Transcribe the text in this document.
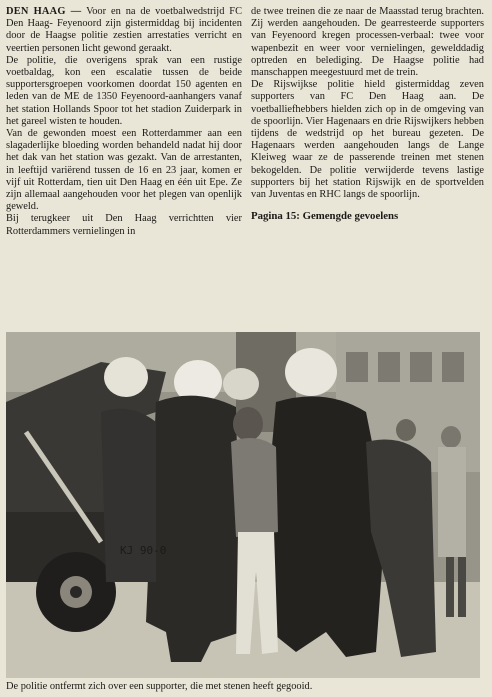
DEN HAAG — Voor en na de voetbalwedstrijd FC Den Haag- Feyenoord zijn gistermiddag bij incidenten door de Haagse politie zestien arrestaties verricht en veertien personen licht gewond geraakt.

De politie, die overigens sprak van een rustige voetbaldag, kon een escalatie tussen de beide supportersgroepen voorkomen doordat 150 agenten en leden van de ME de 1350 Feyenoord-aanhangers vanaf het station Hollands Spoor tot het stadion Zuiderpark in het gareel wisten te houden.

Van de gewonden moest een Rotterdammer aan een slagaderlijke bloeding worden behandeld nadat hij door het dak van het station was gezakt. Van de arrestanten, in leeftijd variërend tussen de 16 en 23 jaar, komen er vijf uit Rotterdam, tien uit Den Haag en één uit Epe. Ze zijn allemaal aangehouden voor het plegen van openlijk geweld.

Bij terugkeer uit Den Haag verrichtten vier Rotterdammers vernielingen in

de twee treinen die ze naar de Maasstad terug brachten. Zij werden aangehouden. De gearresteerde supporters van Feyenoord kregen processen-verbaal: twee voor wapenbezit en weer voor vernielingen, gewelddadig optreden en belediging. De Haagse politie had manschappen meegestuurd met de trein.

De Rijswijkse politie hield gistermiddag zeven supporters van FC Den Haag aan. De voetballiefhebbers hielden zich op in de omgeving van de spoorlijn. Vier Hagenaars en drie Rijswijkers hebben tijdens de wedstrijd op het bureau gezeten. De Hagenaars werden aangehouden langs de Lange Kleiweg waar ze de passerende treinen met stenen bekogelden. De politie verwijderde tevens lastige supporters bij het station Rijswijk en de sportvelden van Juventas en RHC langs de spoorlijn.

Pagina 15: Gemengde gevoelens

KJ 90-0
De politie ontfermt zich over een supporter, die met stenen heeft gegooid.
